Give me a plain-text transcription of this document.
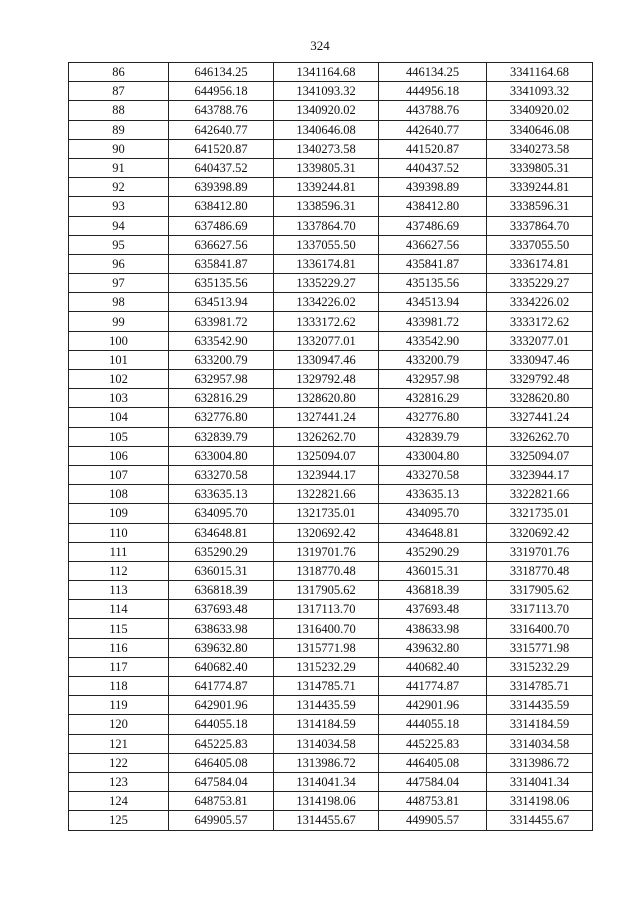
324
86	646134.25	1341164.68	446134.25	3341164.68
87	644956.18	1341093.32	444956.18	3341093.32
88	643788.76	1340920.02	443788.76	3340920.02
89	642640.77	1340646.08	442640.77	3340646.08
90	641520.87	1340273.58	441520.87	3340273.58
91	640437.52	1339805.31	440437.52	3339805.31
92	639398.89	1339244.81	439398.89	3339244.81
93	638412.80	1338596.31	438412.80	3338596.31
94	637486.69	1337864.70	437486.69	3337864.70
95	636627.56	1337055.50	436627.56	3337055.50
96	635841.87	1336174.81	435841.87	3336174.81
97	635135.56	1335229.27	435135.56	3335229.27
98	634513.94	1334226.02	434513.94	3334226.02
99	633981.72	1333172.62	433981.72	3333172.62
100	633542.90	1332077.01	433542.90	3332077.01
101	633200.79	1330947.46	433200.79	3330947.46
102	632957.98	1329792.48	432957.98	3329792.48
103	632816.29	1328620.80	432816.29	3328620.80
104	632776.80	1327441.24	432776.80	3327441.24
105	632839.79	1326262.70	432839.79	3326262.70
106	633004.80	1325094.07	433004.80	3325094.07
107	633270.58	1323944.17	433270.58	3323944.17
108	633635.13	1322821.66	433635.13	3322821.66
109	634095.70	1321735.01	434095.70	3321735.01
110	634648.81	1320692.42	434648.81	3320692.42
111	635290.29	1319701.76	435290.29	3319701.76
112	636015.31	1318770.48	436015.31	3318770.48
113	636818.39	1317905.62	436818.39	3317905.62
114	637693.48	1317113.70	437693.48	3317113.70
115	638633.98	1316400.70	438633.98	3316400.70
116	639632.80	1315771.98	439632.80	3315771.98
117	640682.40	1315232.29	440682.40	3315232.29
118	641774.87	1314785.71	441774.87	3314785.71
119	642901.96	1314435.59	442901.96	3314435.59
120	644055.18	1314184.59	444055.18	3314184.59
121	645225.83	1314034.58	445225.83	3314034.58
122	646405.08	1313986.72	446405.08	3313986.72
123	647584.04	1314041.34	447584.04	3314041.34
124	648753.81	1314198.06	448753.81	3314198.06
125	649905.57	1314455.67	449905.57	3314455.67
